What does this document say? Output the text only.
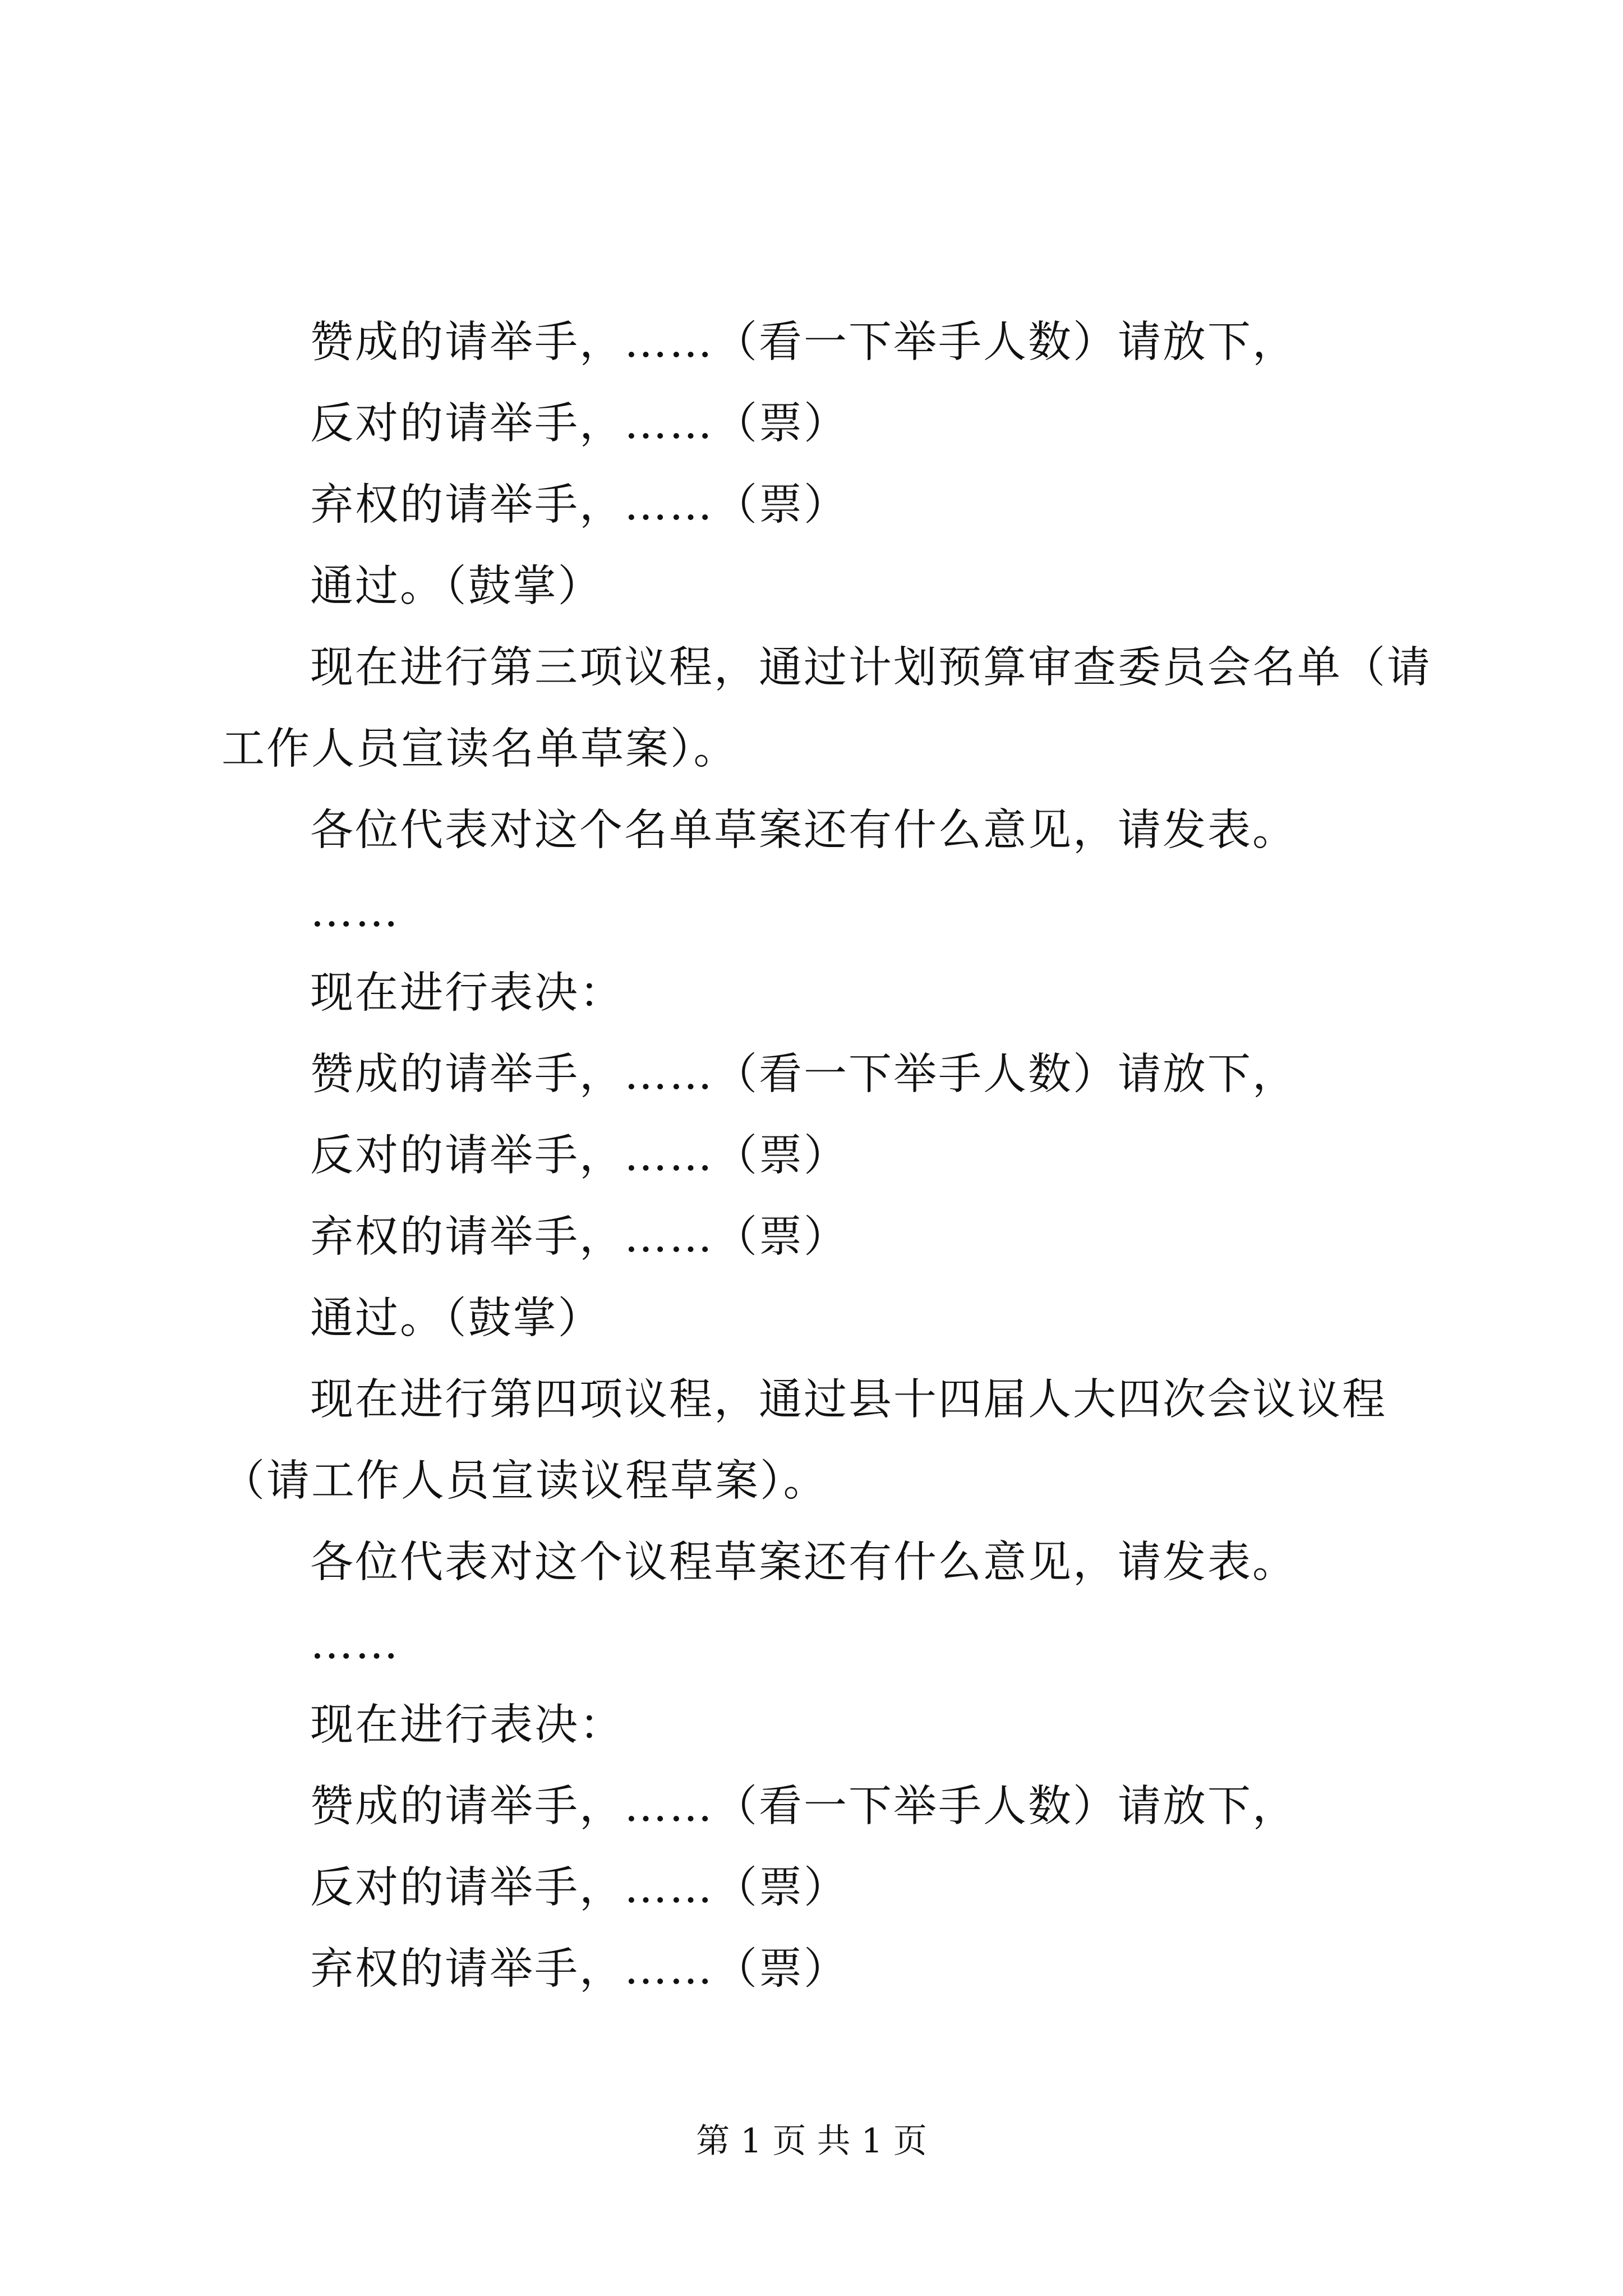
赞成的请举手，……（看一下举手人数）请放下，

反对的请举手，……（票）

弃权的请举手，……（票）

通过。（鼓掌）

现在进行第三项议程，通过计划预算审查委员会名单（请工作人员宣读名单草案）。

各位代表对这个名单草案还有什么意见，请发表。

……

现在进行表决：

赞成的请举手，……（看一下举手人数）请放下，

反对的请举手，……（票）

弃权的请举手，……（票）

通过。（鼓掌）

现在进行第四项议程，通过县十四届人大四次会议议程（请工作人员宣读议程草案）。

各位代表对这个议程草案还有什么意见，请发表。

……

现在进行表决：

赞成的请举手，……（看一下举手人数）请放下，

反对的请举手，……（票）

弃权的请举手，……（票）

第 1 页 共 1 页
